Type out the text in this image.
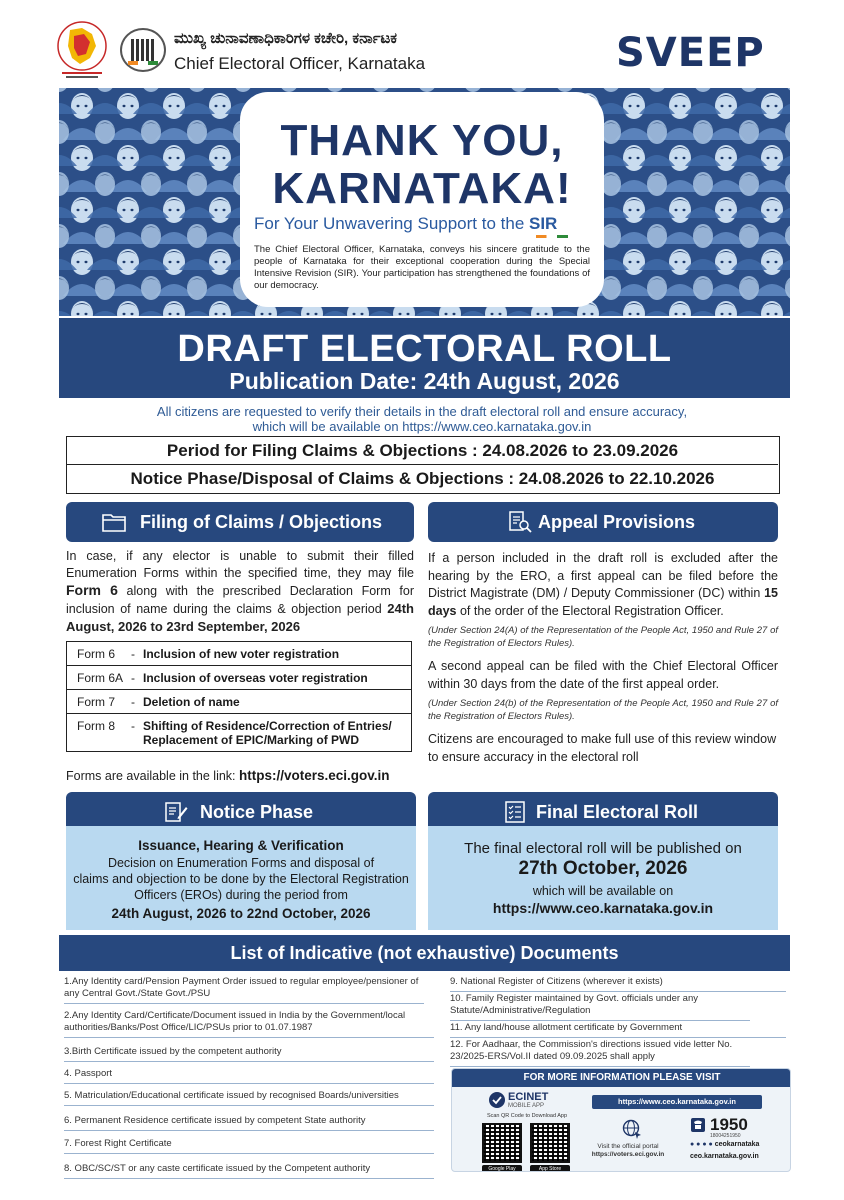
ಮುಖ್ಯ ಚುನಾವಣಾಧಿಕಾರಿಗಳ ಕಚೇರಿ, ಕರ್ನಾಟಕ
Chief Electoral Officer, Karnataka	SVEEP
THANK YOU,
KARNATAKA!
For Your Unwavering Support to the SIR
The Chief Electoral Officer, Karnataka, conveys his sincere gratitude to the people of Karnataka for their exceptional cooperation during the Special Intensive Revision (SIR). Your participation has strengthened the foundations of our democracy.
DRAFT ELECTORAL ROLL
Publication Date: 24th August, 2026
All citizens are requested to verify their details in the draft electoral roll and ensure accuracy,
which will be available on https://www.ceo.karnataka.gov.in
Period for Filing Claims & Objections : 24.08.2026 to 23.09.2026
Notice Phase/Disposal of Claims & Objections : 24.08.2026 to 22.10.2026
Filing of Claims / Objections
In case, if any elector is unable to submit their filled Enumeration Forms within the specified time, they may file Form 6 along with the prescribed Declaration Form for inclusion of name during the claims & objection period 24th August, 2026 to 23rd September, 2026
Form 6	- Inclusion of new voter registration
Form 6A - Inclusion of overseas voter registration
Form 7	- Deletion of name
Form 8	- Shifting of Residence/Correction of Entries/ Replacement of EPIC/Marking of PWD
Forms are available in the link: https://voters.eci.gov.in
Appeal Provisions

If a person included in the draft roll is excluded after the hearing by the ERO, a first appeal can be filed before the District Magistrate (DM) / Deputy Commissioner (DC) within 15 days of the order of the Electoral Registration Officer.

(Under Section 24(A) of the Representation of the People Act, 1950 and Rule 27 of the Registration of Electors Rules).

A second appeal can be filed with the Chief Electoral Officer within 30 days from the date of the first appeal order.

(Under Section 24(b) of the Representation of the People Act, 1950 and Rule 27 of the Registration of Electors Rules).

Citizens are encouraged to make full use of this review window to ensure accuracy in the electoral roll

Notice Phase	Final Electoral Roll
Issuance, Hearing & Verification
Decision on Enumeration Forms and disposal of
claims and objection to be done by the Electoral Registration
Officers (EROs) during the period from
24th August, 2026 to 22nd October, 2026
The final electoral roll will be published on
27th October, 2026
which will be available on
https://www.ceo.karnataka.gov.in
List of Indicative (not exhaustive) Documents
1.Any Identity card/Pension Payment Order issued to regular employee/pensioner of any Central Govt./State Govt./PSU
2.Any Identity Card/Certificate/Document issued in India by the Government/local authorities/Banks/Post Office/LIC/PSUs prior to 01.07.1987
3.Birth Certificate issued by the competent authority
4. Passport
5. Matriculation/Educational certificate issued by recognised Boards/universities
6. Permanent Residence certificate issued by competent State authority
7. Forest Right Certificate
8. OBC/SC/ST or any caste certificate issued by the Competent authority
9. National Register of Citizens (wherever it exists)
10. Family Register maintained by Govt. officials under any Statute/Administrative/Regulation
11. Any land/house allotment certificate by Government
12. For Aadhaar, the Commission's directions issued vide letter No. 23/2025-ERS/Vol.II dated 09.09.2025 shall apply
FOR MORE INFORMATION PLEASE VISIT
ECINET
MOBILE APP
Scan QR Code to Download App
Google Play	App Store
https://www.ceo.karnataka.gov.in
Visit the official portal
https://voters.eci.gov.in
1950
18004251950
● ● ● ● ceokarnataka
ceo.karnataka.gov.in
